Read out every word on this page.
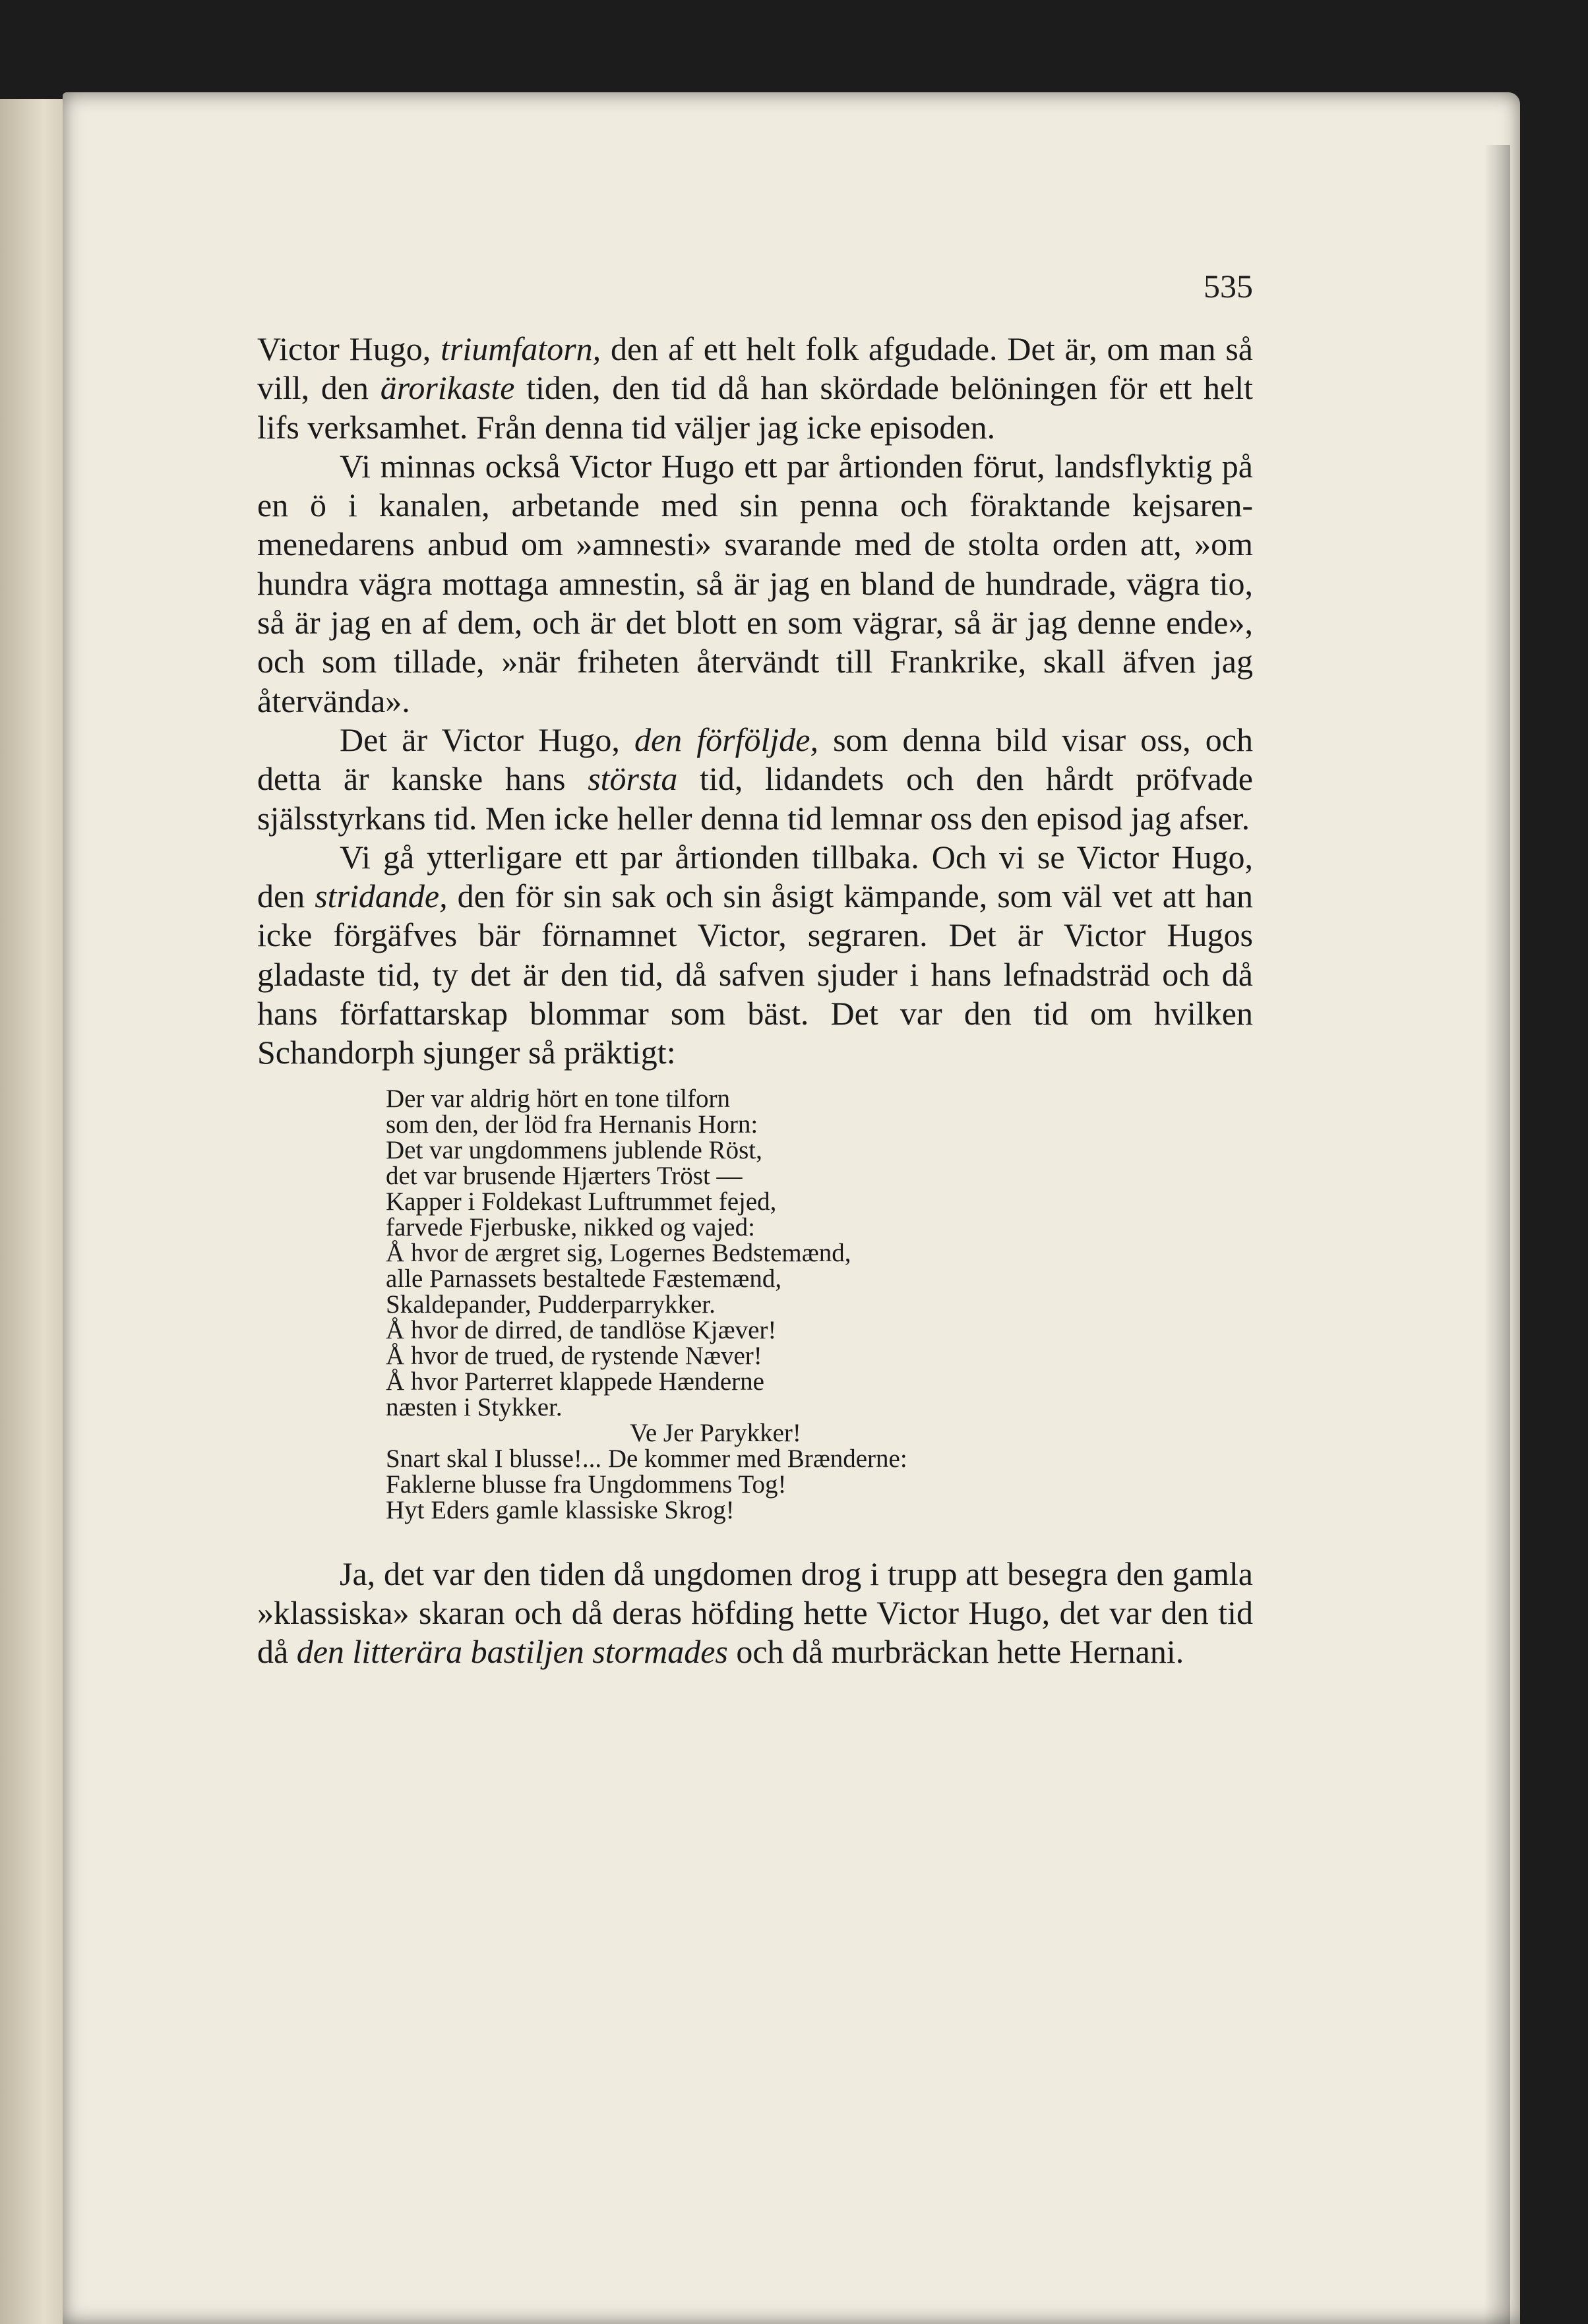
535

Victor Hugo, triumfatorn, den af ett helt folk afgudade. Det är, om man så vill, den ärorikaste tiden, den tid då han skördade belöningen för ett helt lifs verksamhet. Från denna tid väljer jag icke episoden.

Vi minnas också Victor Hugo ett par årtionden förut, landsflyktig på en ö i kanalen, arbetande med sin penna och föraktande kejsaren-menedarens anbud om »amnesti» svarande med de stolta orden att, »om hundra vägra mottaga amnestin, så är jag en bland de hundrade, vägra tio, så är jag en af dem, och är det blott en som vägrar, så är jag denne ende», och som tillade, »när friheten återvändt till Frankrike, skall äfven jag återvända».

Det är Victor Hugo, den förföljde, som denna bild visar oss, och detta är kanske hans största tid, lidandets och den hårdt pröfvade själsstyrkans tid. Men icke heller denna tid lemnar oss den episod jag afser.

Vi gå ytterligare ett par årtionden tillbaka. Och vi se Victor Hugo, den stridande, den för sin sak och sin åsigt kämpande, som väl vet att han icke förgäfves bär förnamnet Victor, segraren. Det är Victor Hugos gladaste tid, ty det är den tid, då safven sjuder i hans lefnadsträd och då hans författarskap blommar som bäst. Det var den tid om hvilken Schandorph sjunger så präktigt:

Der var aldrig hört en tone tilforn
som den, der löd fra Hernanis Horn:
Det var ungdommens jublende Röst,
det var brusende Hjærters Tröst —
Kapper i Foldekast Luftrummet fejed,
farvede Fjerbuske, nikked og vajed:
Å hvor de ærgret sig, Logernes Bedstemænd,
alle Parnassets bestaltede Fæstemænd,
Skaldepander, Pudderparrykker.
Å hvor de dirred, de tandlöse Kjæver!
Å hvor de trued, de rystende Næver!
Å hvor Parterret klappede Hænderne
næsten i Stykker.
Ve Jer Parykker!
Snart skal I blusse!... De kommer med Brænderne:
Faklerne blusse fra Ungdommens Tog!
Hyt Eders gamle klassiske Skrog!

Ja, det var den tiden då ungdomen drog i trupp att besegra den gamla »klassiska» skaran och då deras höfding hette Victor Hugo, det var den tid då den litterära bastiljen stormades och då murbräckan hette Hernani.
